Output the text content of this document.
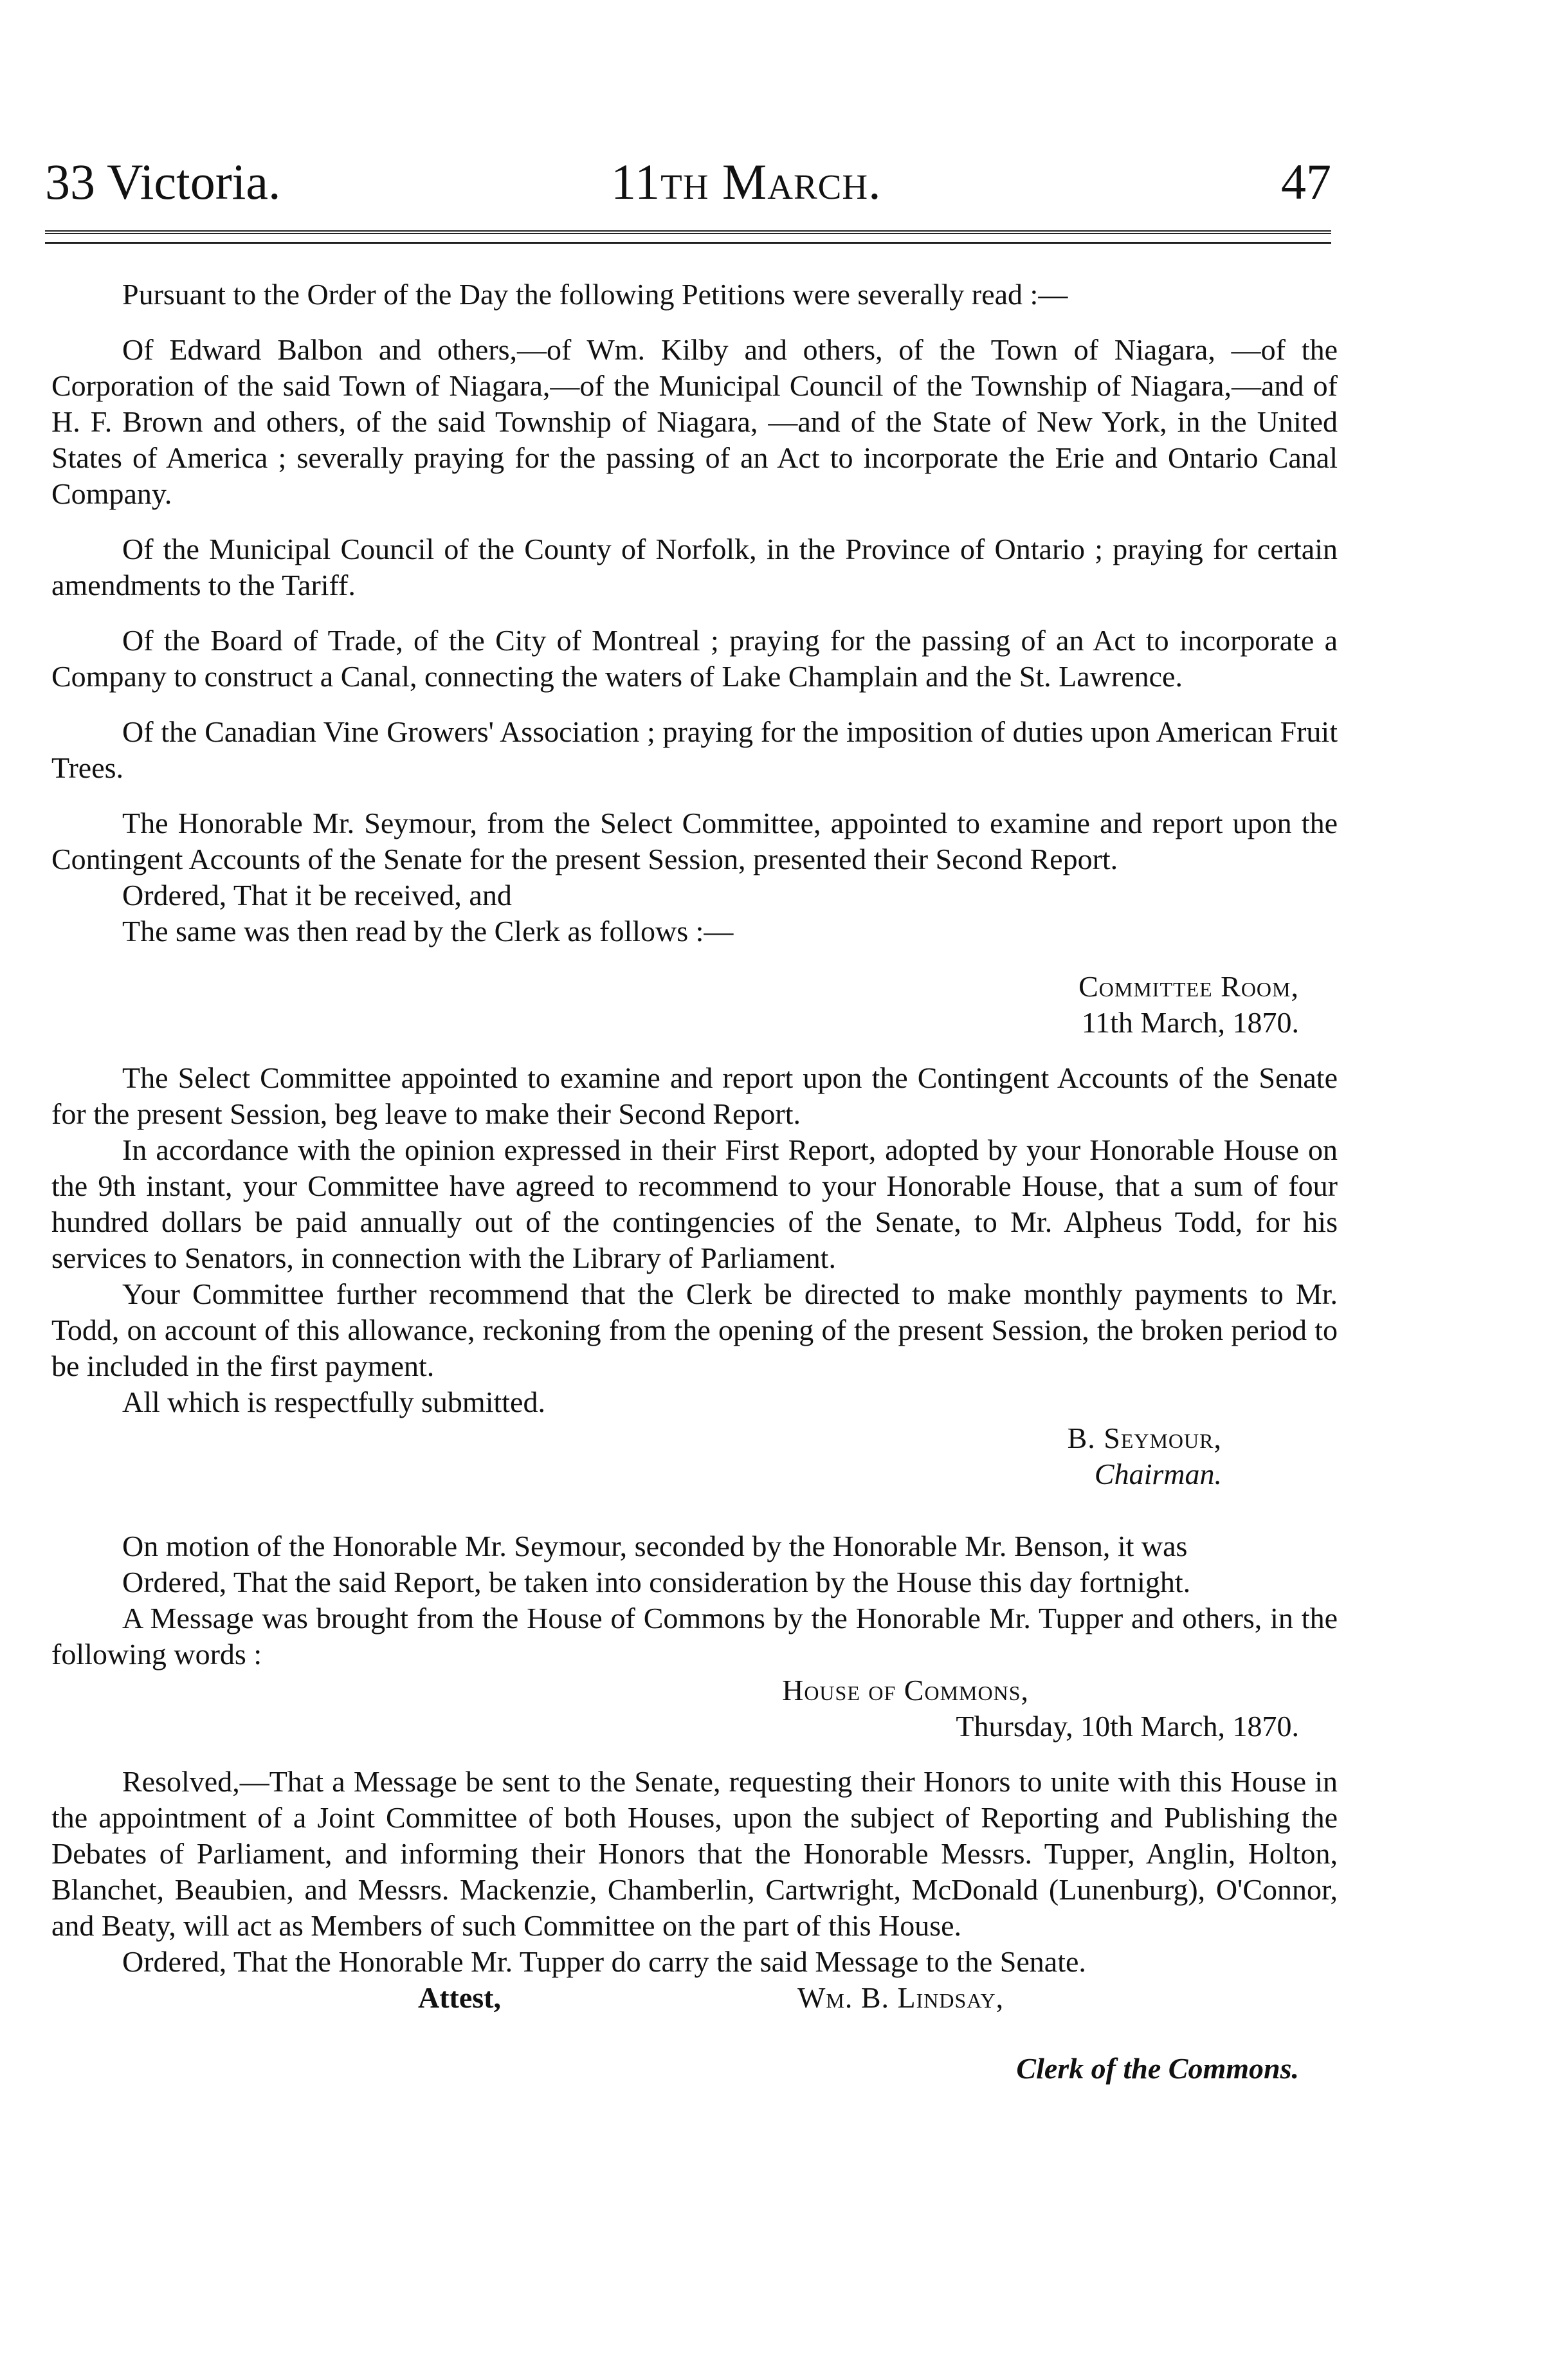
33 Victoria.	11th March.	47

Pursuant to the Order of the Day the following Petitions were severally read :—

Of Edward Balbon and others,—of Wm. Kilby and others, of the Town of Niagara, —of the Corporation of the said Town of Niagara,—of the Municipal Council of the Township of Niagara,—and of H. F. Brown and others, of the said Township of Niagara, —and of the State of New York, in the United States of America ; severally praying for the passing of an Act to incorporate the Erie and Ontario Canal Company.

Of the Municipal Council of the County of Norfolk, in the Province of Ontario ; praying for certain amendments to the Tariff.

Of the Board of Trade, of the City of Montreal ; praying for the passing of an Act to incorporate a Company to construct a Canal, connecting the waters of Lake Champlain and the St. Lawrence.

Of the Canadian Vine Growers' Association ; praying for the imposition of duties upon American Fruit Trees.

The Honorable Mr. Seymour, from the Select Committee, appointed to examine and report upon the Contingent Accounts of the Senate for the present Session, presented their Second Report.

Ordered, That it be received, and

The same was then read by the Clerk as follows :—

Committee Room,

11th March, 1870.

The Select Committee appointed to examine and report upon the Contingent Accounts of the Senate for the present Session, beg leave to make their Second Report.

In accordance with the opinion expressed in their First Report, adopted by your Honorable House on the 9th instant, your Committee have agreed to recommend to your Honorable House, that a sum of four hundred dollars be paid annually out of the contingencies of the Senate, to Mr. Alpheus Todd, for his services to Senators, in connection with the Library of Parliament.

Your Committee further recommend that the Clerk be directed to make monthly payments to Mr. Todd, on account of this allowance, reckoning from the opening of the present Session, the broken period to be included in the first payment.

All which is respectfully submitted.

B. Seymour,

Chairman.

On motion of the Honorable Mr. Seymour, seconded by the Honorable Mr. Benson, it was

Ordered, That the said Report, be taken into consideration by the House this day fortnight.

A Message was brought from the House of Commons by the Honorable Mr. Tupper and others, in the following words :

House of Commons,

Thursday, 10th March, 1870.

Resolved,—That a Message be sent to the Senate, requesting their Honors to unite with this House in the appointment of a Joint Committee of both Houses, upon the subject of Reporting and Publishing the Debates of Parliament, and informing their Honors that the Honorable Messrs. Tupper, Anglin, Holton, Blanchet, Beaubien, and Messrs. Mackenzie, Chamberlin, Cartwright, McDonald (Lunenburg), O'Connor, and Beaty, will act as Members of such Committee on the part of this House.

Ordered, That the Honorable Mr. Tupper do carry the said Message to the Senate.

Attest,	Wm. B. Lindsay,

Clerk of the Commons.
